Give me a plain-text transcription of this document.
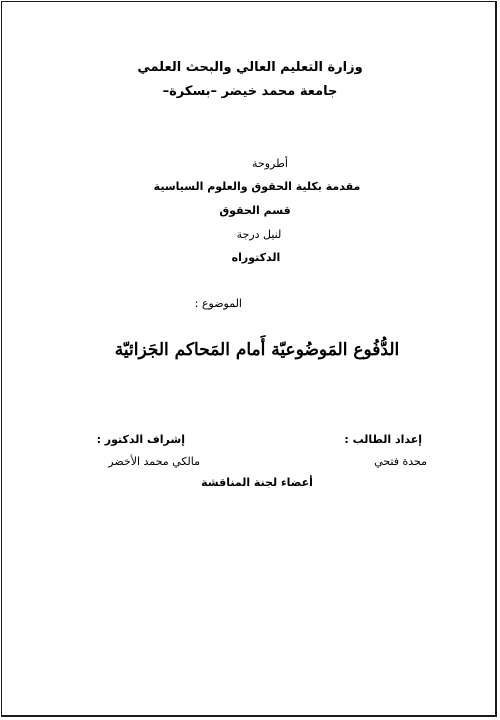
وزارة التعليم العالي والبحث العلمي
جامعة محمد خيضر –بسكرة–
أطروحة
مقدمة بكلية الحقوق والعلوم السياسية
قسم الحقوق
لنيل درجة
الدكتوراه
الموضوع :
الدُّفُوع المَوضُوعيّة أَمام المَحاكم الجَزائيّة
إعداد الطالب :
محدة فتحي
إشراف الدكتور :
مالكي محمد الأخضر
أعضاء لجنة المناقشة
